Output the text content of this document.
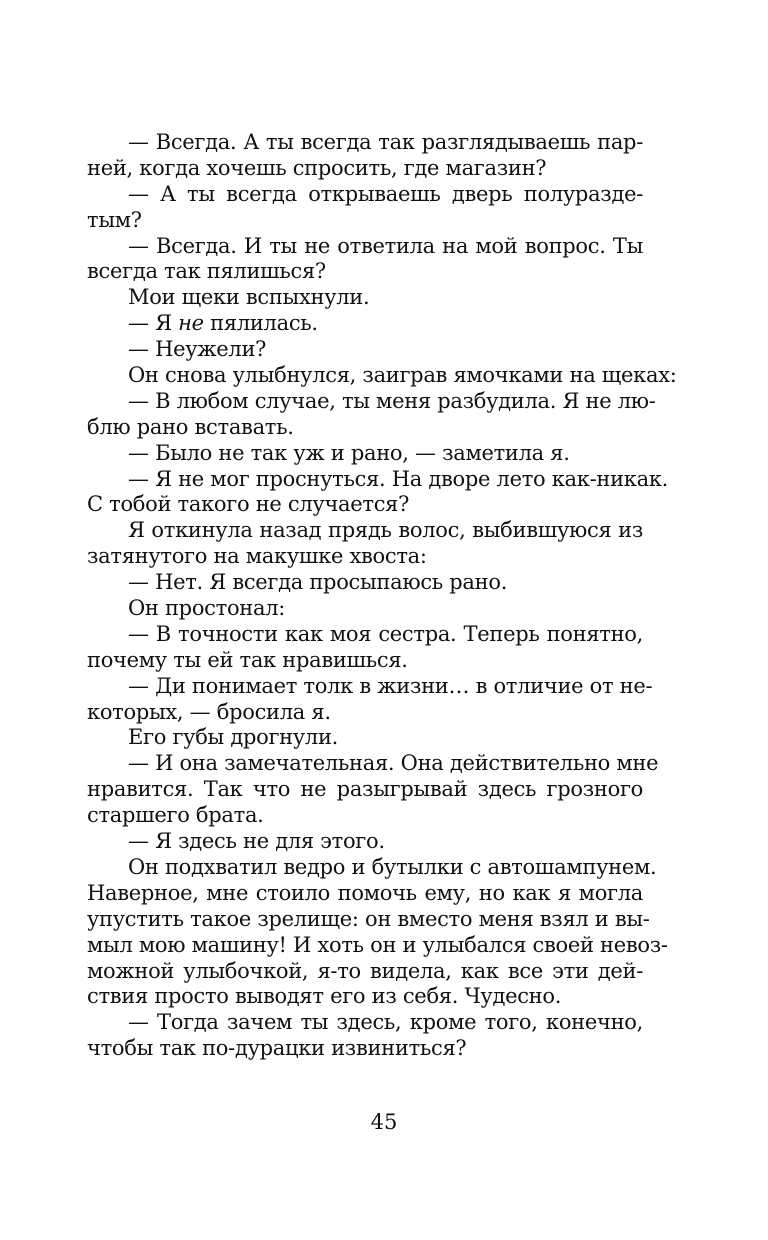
— Всегда. А ты всегда так разглядываешь пар-
ней, когда хочешь спросить, где магазин?
— А ты всегда открываешь дверь полуразде-
тым?
— Всегда. И ты не ответила на мой вопрос. Ты
всегда так пялишься?
Мои щеки вспыхнули.
— Я не пялилась.
— Неужели?
Он снова улыбнулся, заиграв ямочками на щеках:
— В любом случае, ты меня разбудила. Я не лю-
блю рано вставать.
— Было не так уж и рано, — заметила я.
— Я не мог проснуться. На дворе лето как-никак.
С тобой такого не случается?
Я откинула назад прядь волос, выбившуюся из
затянутого на макушке хвоста:
— Нет. Я всегда просыпаюсь рано.
Он простонал:
— В точности как моя сестра. Теперь понятно,
почему ты ей так нравишься.
— Ди понимает толк в жизни… в отличие от не-
которых, — бросила я.
Его губы дрогнули.
— И она замечательная. Она действительно мне
нравится. Так что не разыгрывай здесь грозного
старшего брата.
— Я здесь не для этого.
Он подхватил ведро и бутылки с автошампунем.
Наверное, мне стоило помочь ему, но как я могла
упустить такое зрелище: он вместо меня взял и вы-
мыл мою машину! И хоть он и улыбался своей невоз-
можной улыбочкой, я-то видела, как все эти дей-
ствия просто выводят его из себя. Чудесно.
— Тогда зачем ты здесь, кроме того, конечно,
чтобы так по-дурацки извиниться?
45
